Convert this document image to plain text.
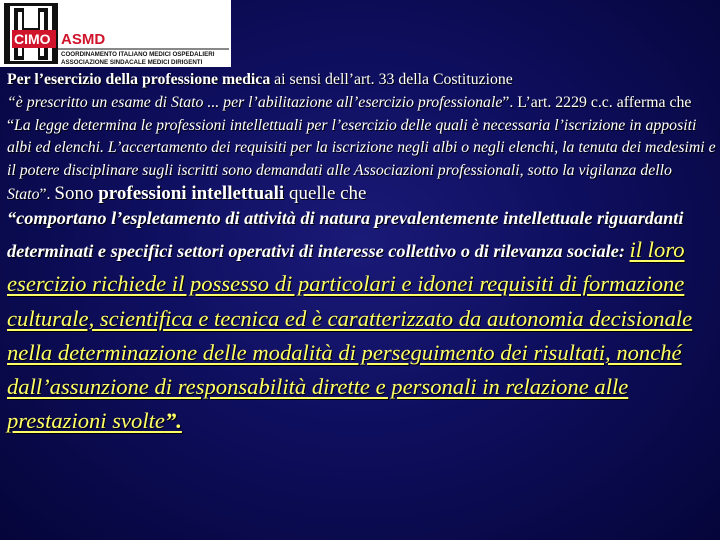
CIMO ASMD
COORDINAMENTO ITALIANO MEDICI OSPEDALIERI
ASSOCIAZIONE SINDACALE MEDICI DIRIGENTI

Per l’esercizio della professione medica ai sensi dell’art. 33 della Costituzione
“è prescritto un esame di Stato ... per l’abilitazione all’esercizio professionale”. L’art. 2229 c.c. afferma che “La legge determina le professioni intellettuali per l’esercizio delle quali è necessaria l’iscrizione in appositi albi ed elenchi. L’accertamento dei requisiti per la iscrizione negli albi o negli elenchi, la tenuta dei medesimi e il potere disciplinare sugli iscritti sono demandati alle Associazioni professionali, sotto la vigilanza dello Stato”. Sono professioni intellettuali quelle che

“comportano l’espletamento di attività di natura prevalentemente intellettuale riguardanti determinati e specifici settori operativi di interesse collettivo o di rilevanza sociale: il loro esercizio richiede il possesso di particolari e idonei requisiti di formazione culturale, scientifica e tecnica ed è caratterizzato da autonomia decisionale nella determinazione delle modalità di perseguimento dei risultati, nonché dall’assunzione di responsabilità dirette e personali in relazione alle prestazioni svolte”.
